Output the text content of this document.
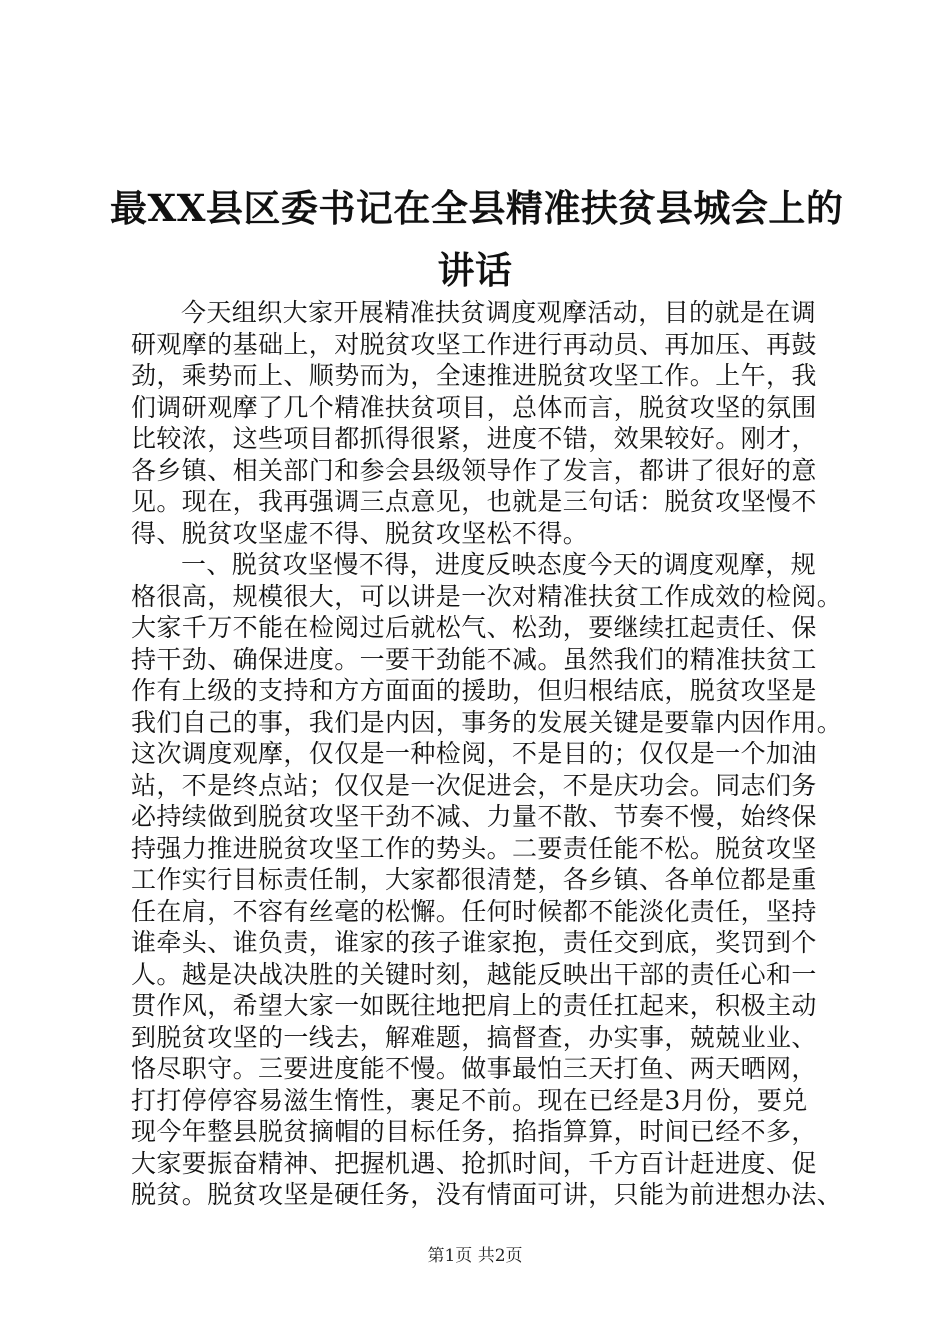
最XX县区委书记在全县精准扶贫县城会上的
讲话
今天组织大家开展精准扶贫调度观摩活动，目的就是在调
研观摩的基础上，对脱贫攻坚工作进行再动员、再加压、再鼓
劲，乘势而上、顺势而为，全速推进脱贫攻坚工作。上午，我
们调研观摩了几个精准扶贫项目，总体而言，脱贫攻坚的氛围
比较浓，这些项目都抓得很紧，进度不错，效果较好。刚才，
各乡镇、相关部门和参会县级领导作了发言，都讲了很好的意
见。现在，我再强调三点意见，也就是三句话：脱贫攻坚慢不
得、脱贫攻坚虚不得、脱贫攻坚松不得。
一、脱贫攻坚慢不得，进度反映态度今天的调度观摩，规
格很高，规模很大，可以讲是一次对精准扶贫工作成效的检阅。
大家千万不能在检阅过后就松气、松劲，要继续扛起责任、保
持干劲、确保进度。一要干劲能不减。虽然我们的精准扶贫工
作有上级的支持和方方面面的援助，但归根结底，脱贫攻坚是
我们自己的事，我们是内因，事务的发展关键是要靠内因作用。
这次调度观摩，仅仅是一种检阅，不是目的；仅仅是一个加油
站，不是终点站；仅仅是一次促进会，不是庆功会。同志们务
必持续做到脱贫攻坚干劲不减、力量不散、节奏不慢，始终保
持强力推进脱贫攻坚工作的势头。二要责任能不松。脱贫攻坚
工作实行目标责任制，大家都很清楚，各乡镇、各单位都是重
任在肩，不容有丝毫的松懈。任何时候都不能淡化责任，坚持
谁牵头、谁负责，谁家的孩子谁家抱，责任交到底，奖罚到个
人。越是决战决胜的关键时刻，越能反映出干部的责任心和一
贯作风，希望大家一如既往地把肩上的责任扛起来，积极主动
到脱贫攻坚的一线去，解难题，搞督查，办实事，兢兢业业、
恪尽职守。三要进度能不慢。做事最怕三天打鱼、两天晒网，
打打停停容易滋生惰性，裹足不前。现在已经是3月份，要兑
现今年整县脱贫摘帽的目标任务，掐指算算，时间已经不多，
大家要振奋精神、把握机遇、抢抓时间，千方百计赶进度、促
脱贫。脱贫攻坚是硬任务，没有情面可讲，只能为前进想办法、
第1页 共2页
